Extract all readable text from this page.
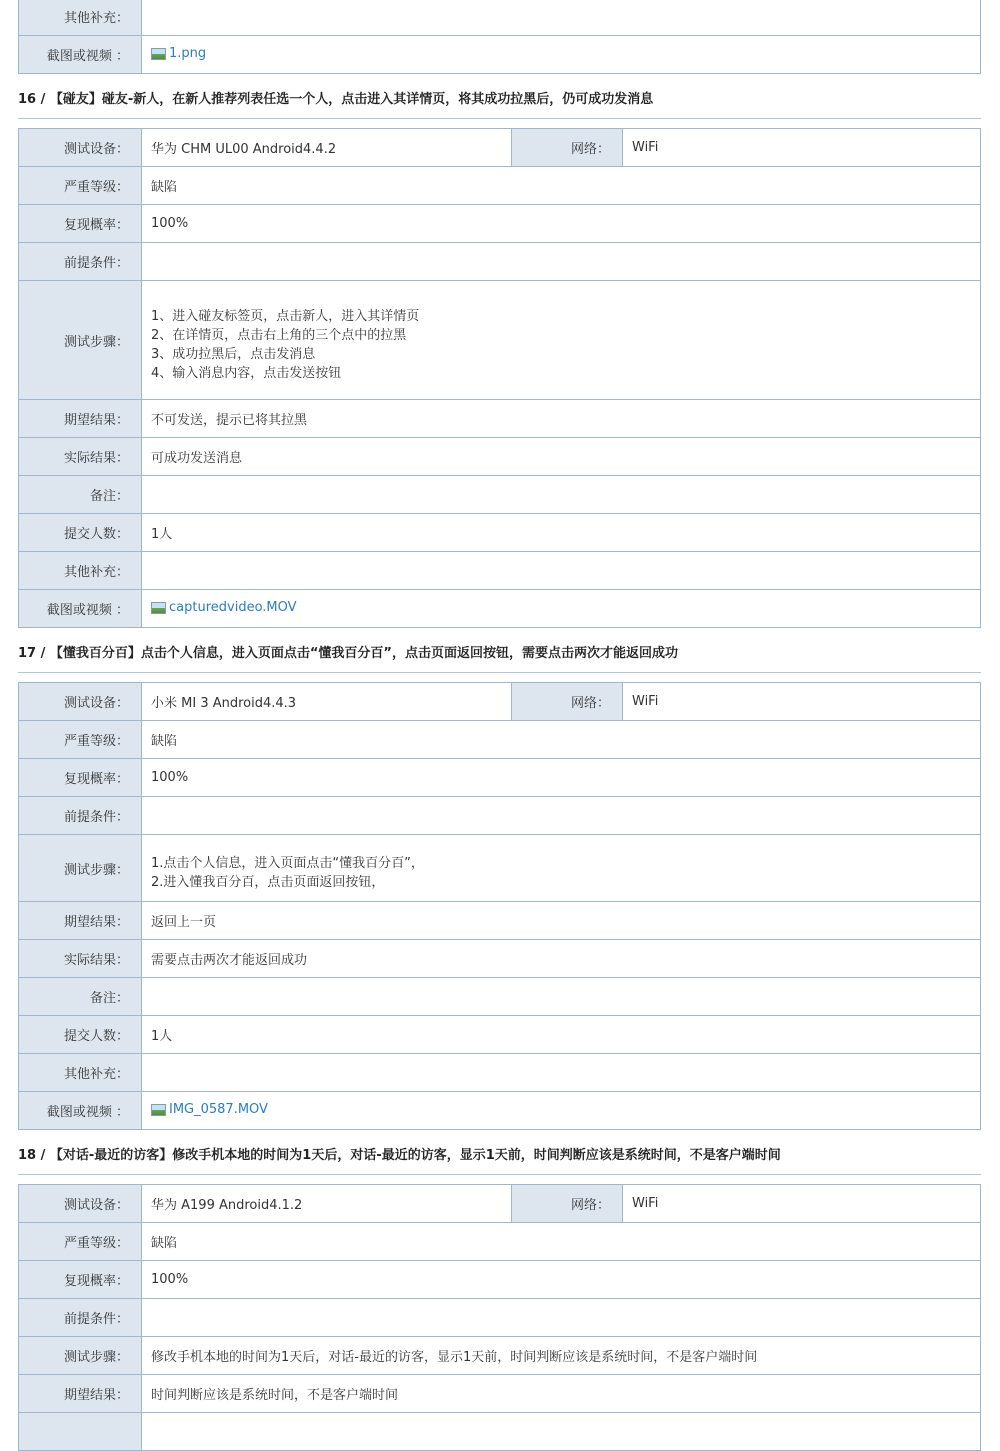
其他补充：	
截图或视频 ：	1.png
16 / 【碰友】碰友-新人，在新人推荐列表任选一个人，点击进入其详情页，将其成功拉黑后，仍可成功发消息
测试设备：	华为 CHM UL00 Android4.4.2	网络：	WiFi
严重等级：	缺陷		
复现概率：	100%		
前提条件：			
测试步骤：	1、进入碰友标签页，点击新人，进入其详情页
2、在详情页，点击右上角的三个点中的拉黑
3、成功拉黑后，点击发消息
4、输入消息内容，点击发送按钮		

期望结果：	不可发送，提示已将其拉黑		
实际结果：	可成功发送消息		
备注：			
提交人数：	1人		
其他补充：			
截图或视频 ：	capturedvideo.MOV		
17 / 【懂我百分百】点击个人信息，进入页面点击“懂我百分百”，点击页面返回按钮，需要点击两次才能返回成功
测试设备：	小米 MI 3 Android4.4.3	网络：	WiFi
严重等级：	缺陷		
复现概率：	100%		
前提条件：			
测试步骤：	1.点击个人信息，进入页面点击“懂我百分百”，
2.进入懂我百分百，点击页面返回按钮，		

期望结果：	返回上一页		
实际结果：	需要点击两次才能返回成功		
备注：			
提交人数：	1人		
其他补充：			
截图或视频 ：	IMG_0587.MOV		
18 / 【对话-最近的访客】修改手机本地的时间为1天后，对话-最近的访客，显示1天前，时间判断应该是系统时间，不是客户端时间
测试设备：	华为 A199 Android4.1.2	网络：	WiFi
严重等级：	缺陷		
复现概率：	100%		
前提条件：			
测试步骤：	修改手机本地的时间为1天后，对话-最近的访客，显示1天前，时间判断应该是系统时间，不是客户端时间		
期望结果：	时间判断应该是系统时间，不是客户端时间		
